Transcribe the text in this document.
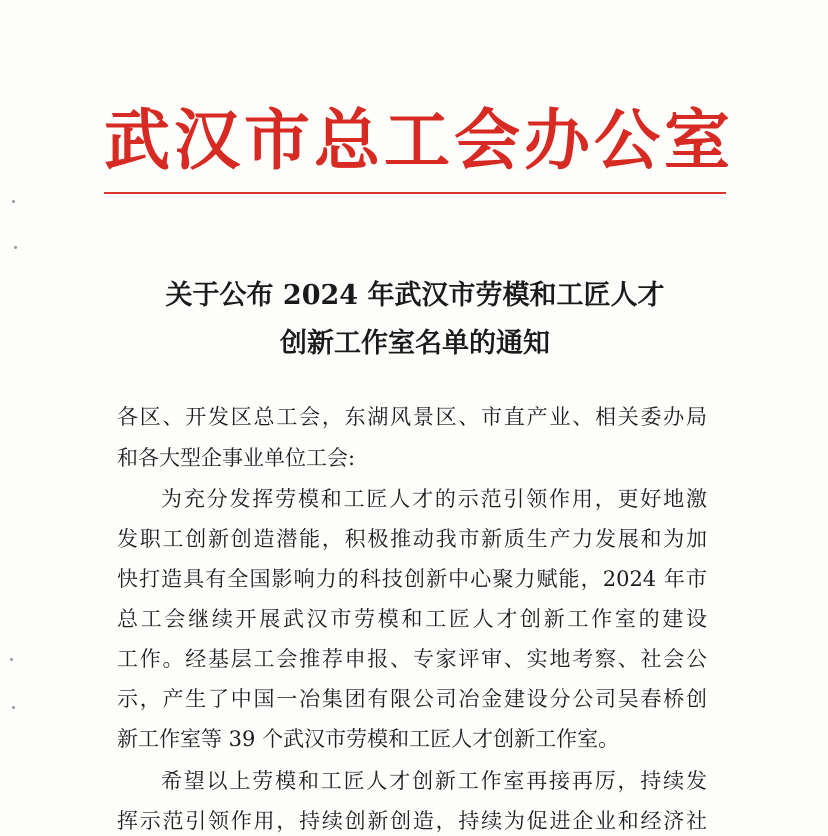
武汉市总工会办公室
关于公布 2024 年武汉市劳模和工匠人才
创新工作室名单的通知
各区、开发区总工会，东湖风景区、市直产业、相关委办局
和各大型企事业单位工会:
为充分发挥劳模和工匠人才的示范引领作用，更好地激
发职工创新创造潜能，积极推动我市新质生产力发展和为加
快打造具有全国影响力的科技创新中心聚力赋能，2024 年市
总工会继续开展武汉市劳模和工匠人才创新工作室的建设
工作。经基层工会推荐申报、专家评审、实地考察、社会公
示，产生了中国一冶集团有限公司冶金建设分公司吴春桥创
新工作室等 39 个武汉市劳模和工匠人才创新工作室。
希望以上劳模和工匠人才创新工作室再接再厉，持续发
挥示范引领作用，持续创新创造，持续为促进企业和经济社
